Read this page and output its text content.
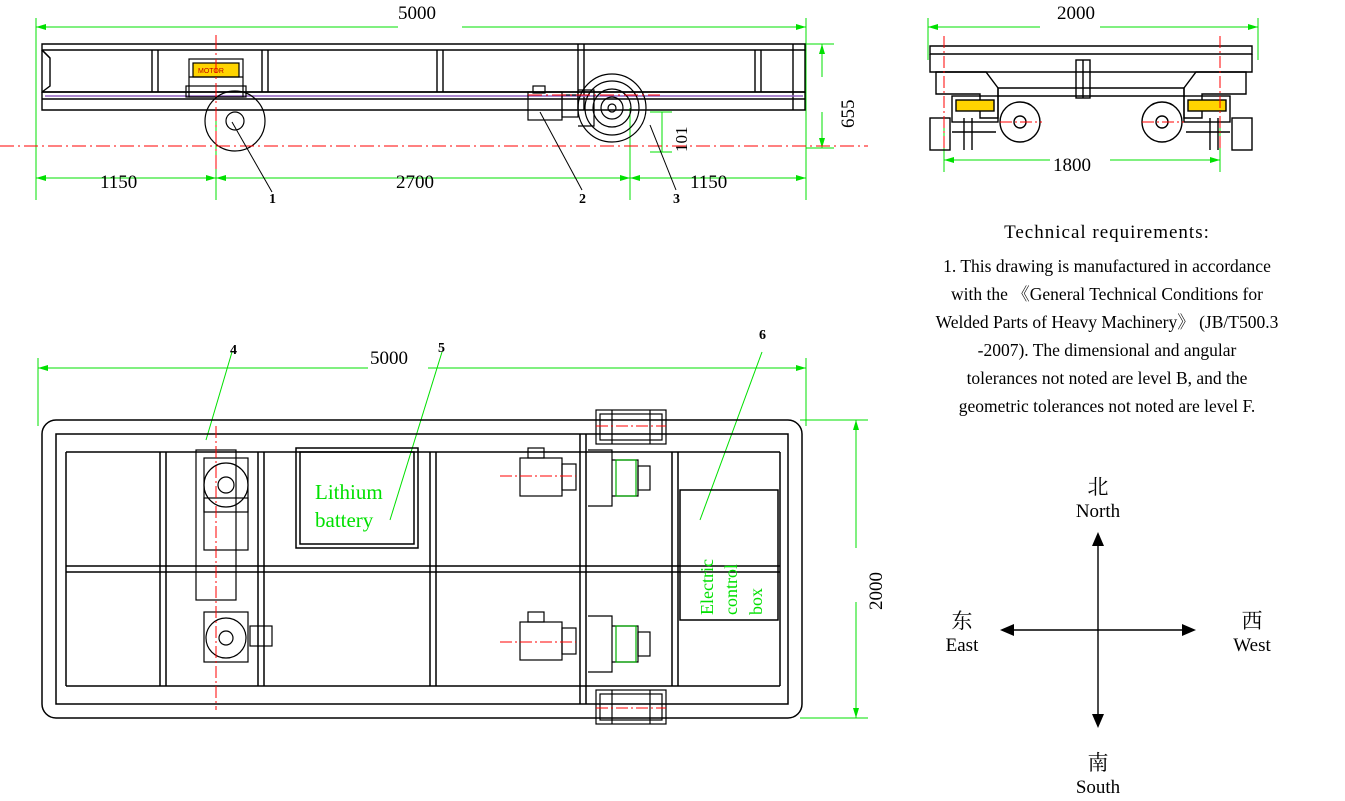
MOTOR
5000
655
1150	2700	1150
101
1	2	3
2000
1800
Technical requirements:
1. This drawing is manufactured in accordance
with the 《General Technical Conditions for
Welded Parts of Heavy Machinery》 (JB/T500.3
-2007). The dimensional and angular
tolerances not noted are level B, and the
geometric tolerances not noted are level F.
5000
2000
4	5
6
Lithium
battery
Electric control box
北
North
南
South
东
East
西
West
